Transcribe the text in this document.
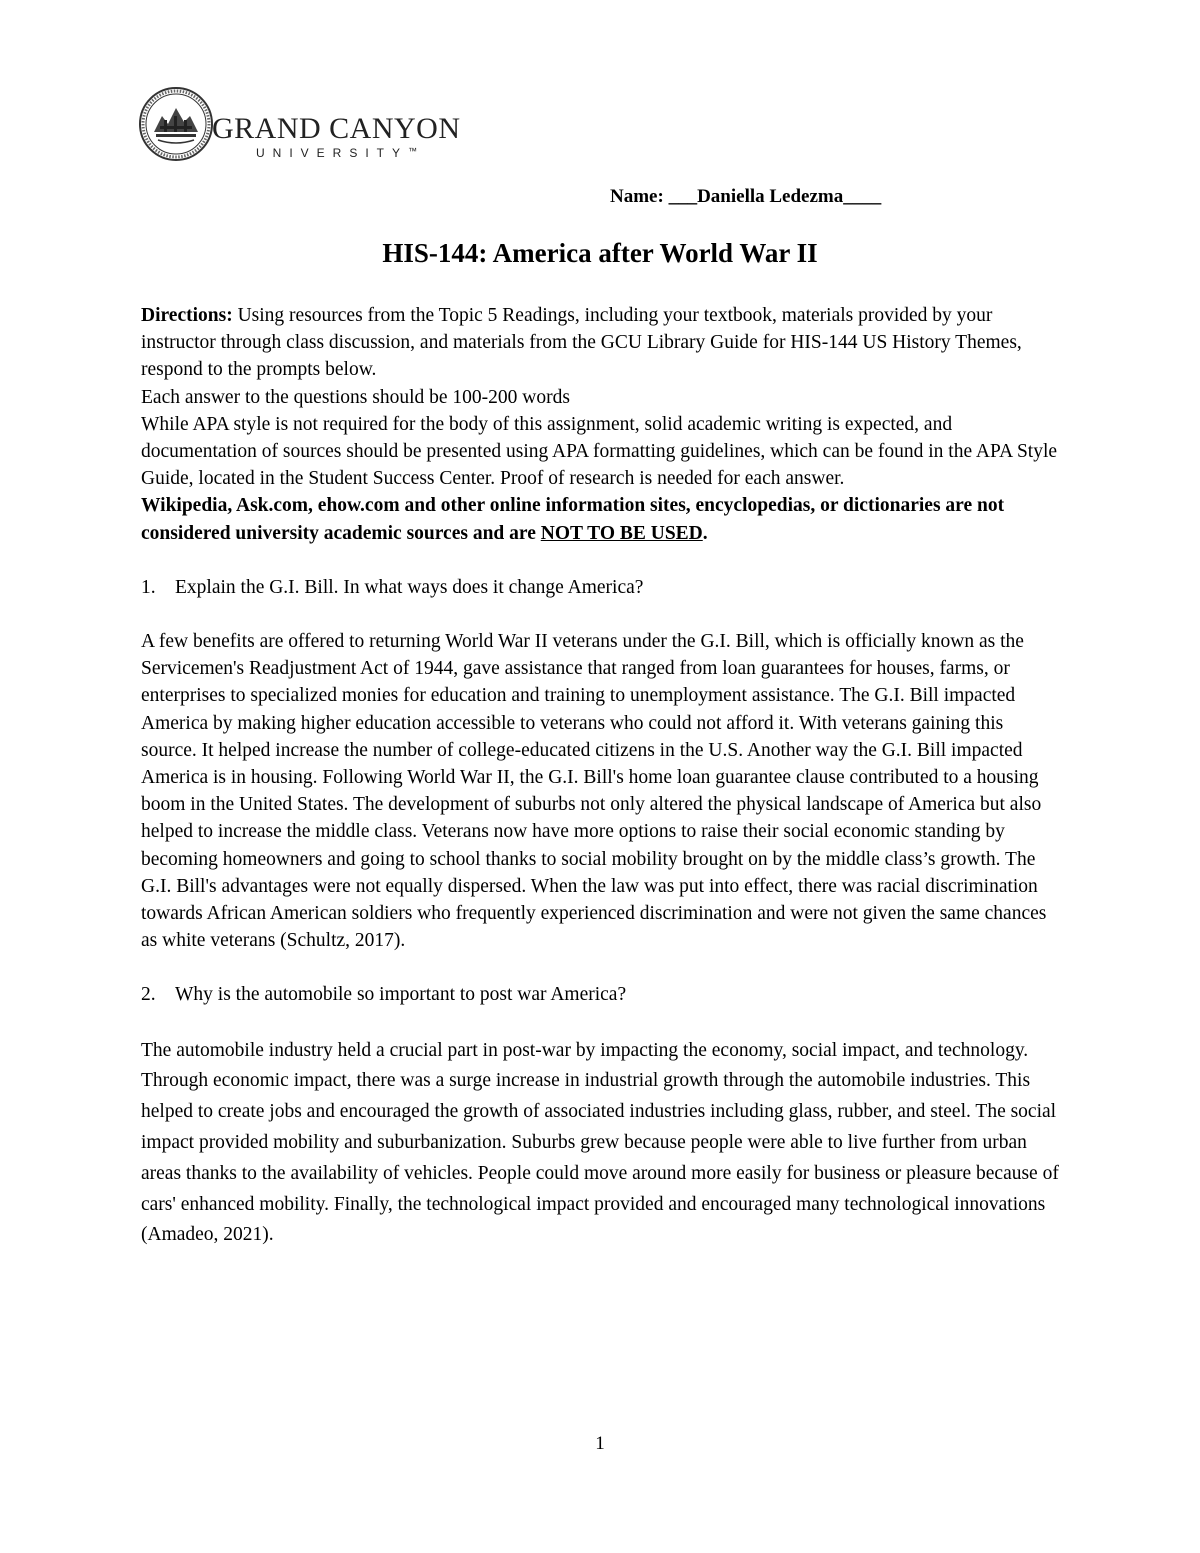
GRAND CANYON
UNIVERSITY™
Name: ___Daniella Ledezma____
HIS-144: America after World War II

Directions: Using resources from the Topic 5 Readings, including your textbook, materials provided by your instructor through class discussion, and materials from the GCU Library Guide for HIS-144 US History Themes, respond to the prompts below.

Each answer to the questions should be 100-200 words

While APA style is not required for the body of this assignment, solid academic writing is expected, and documentation of sources should be presented using APA formatting guidelines, which can be found in the APA Style Guide, located in the Student Success Center. Proof of research is needed for each answer.

Wikipedia, Ask.com, ehow.com and other online information sites, encyclopedias, or dictionaries are not considered university academic sources and are NOT TO BE USED.

1. Explain the G.I. Bill. In what ways does it change America?

A few benefits are offered to returning World War II veterans under the G.I. Bill, which is officially known as the Servicemen's Readjustment Act of 1944, gave assistance that ranged from loan guarantees for houses, farms, or enterprises to specialized monies for education and training to unemployment assistance. The G.I. Bill impacted America by making higher education accessible to veterans who could not afford it. With veterans gaining this source. It helped increase the number of college-educated citizens in the U.S. Another way the G.I. Bill impacted America is in housing. Following World War II, the G.I. Bill's home loan guarantee clause contributed to a housing boom in the United States. The development of suburbs not only altered the physical landscape of America but also helped to increase the middle class. Veterans now have more options to raise their social economic standing by becoming homeowners and going to school thanks to social mobility brought on by the middle class’s growth. The G.I. Bill's advantages were not equally dispersed. When the law was put into effect, there was racial discrimination towards African American soldiers who frequently experienced discrimination and were not given the same chances as white veterans (Schultz, 2017).

2. Why is the automobile so important to post war America?

The automobile industry held a crucial part in post-war by impacting the economy, social impact, and technology. Through economic impact, there was a surge increase in industrial growth through the automobile industries. This helped to create jobs and encouraged the growth of associated industries including glass, rubber, and steel. The social impact provided mobility and suburbanization. Suburbs grew because people were able to live further from urban areas thanks to the availability of vehicles. People could move around more easily for business or pleasure because of cars' enhanced mobility. Finally, the technological impact provided and encouraged many technological innovations (Amadeo, 2021).

1
